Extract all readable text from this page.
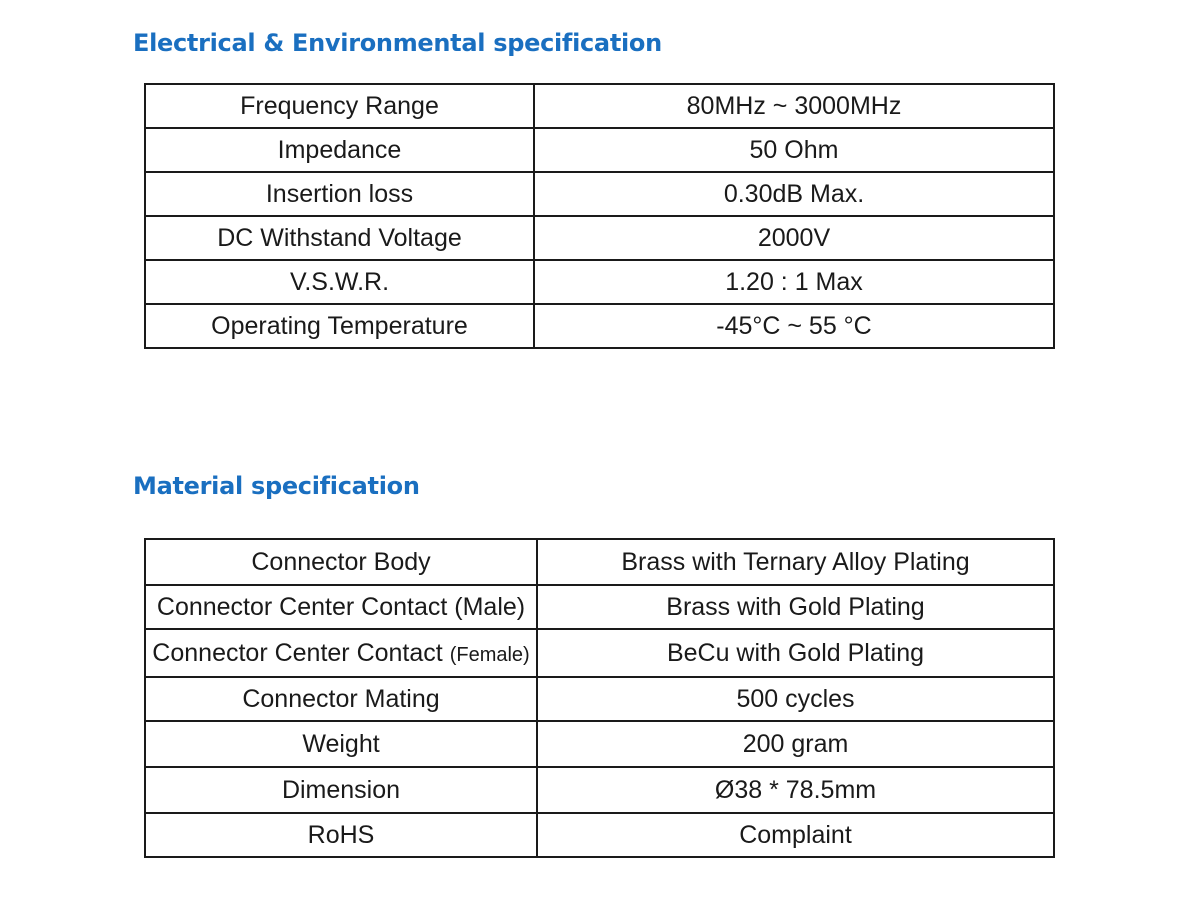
Electrical & Environmental specification
Frequency Range	80MHz ~ 3000MHz
Impedance	50 Ohm
Insertion loss	0.30dB Max.
DC Withstand Voltage	2000V
V.S.W.R.	1.20 : 1 Max
Operating Temperature	-45°C ~ 55 °C
Material specification
Connector Body	Brass with Ternary Alloy Plating
Connector Center Contact (Male)	Brass with Gold Plating
Connector Center Contact (Female)	BeCu with Gold Plating
Connector Mating	500 cycles
Weight	200 gram
Dimension	Ø38 * 78.5mm
RoHS	Complaint
